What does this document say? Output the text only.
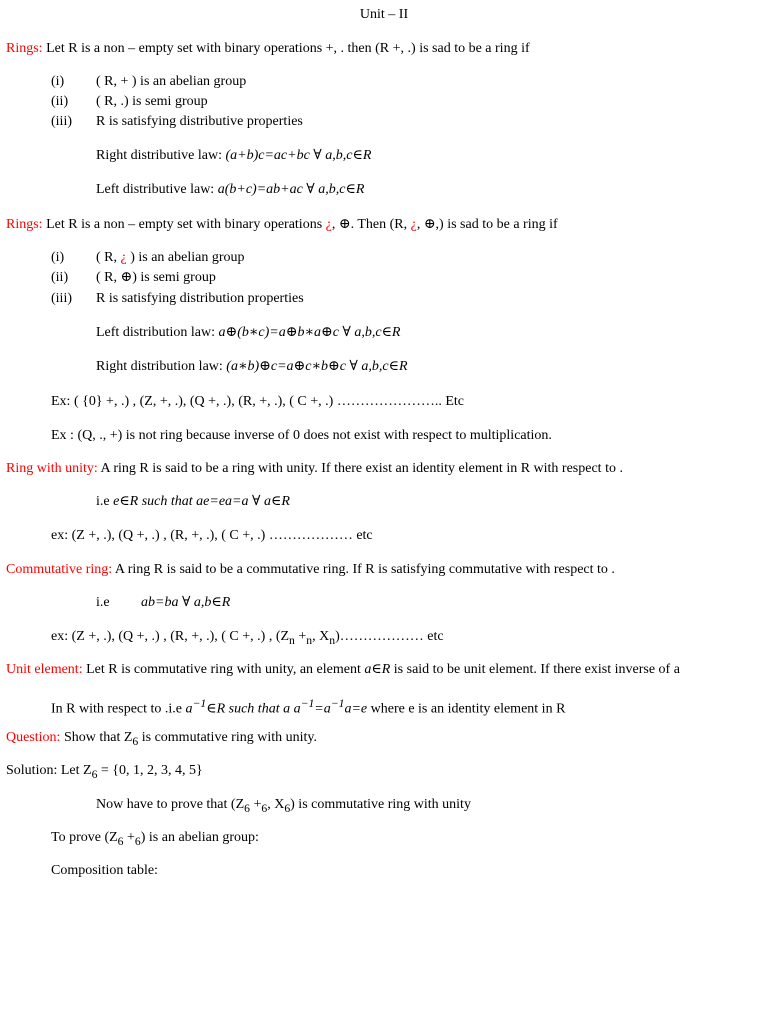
Unit – II
Rings: Let R is a non – empty set with binary operations +, . then (R +, .) is sad to be a ring if
(i) ( R, + ) is an abelian group
(ii) ( R, .) is semi group
(iii) R is satisfying distributive properties
Right distributive law: (a+b)c=ac+bc ∀ a,b,c∈R
Left distributive law: a(b+c)=ab+ac ∀ a,b,c∈R
Rings: Let R is a non – empty set with binary operations ¿, ⊕. Then (R, ¿, ⊕,) is sad to be a ring if
(i) ( R, ¿ ) is an abelian group
(ii) ( R, ⊕) is semi group
(iii) R is satisfying distribution properties
Left distribution law: a⊕(b∗c)=a⊕b∗a⊕c ∀ a,b,c∈R
Right distribution law: (a∗b)⊕c=a⊕c∗b⊕c ∀ a,b,c∈R
Ex: ( {0} +, .) , (Z, +, .), (Q +, .), (R, +, .), ( C +, .) ………………….. Etc
Ex : (Q, ., +) is not ring because inverse of 0 does not exist with respect to multiplication.
Ring with unity: A ring R is said to be a ring with unity. If there exist an identity element in R with respect to .
i.e e∈R such that ae=ea=a ∀ a∈R
ex: (Z +, .), (Q +, .) , (R, +, .), ( C +, .) ……………… etc
Commutative ring: A ring R is said to be a commutative ring. If R is satisfying commutative with respect to .
i.e ab=ba ∀ a,b∈R
ex: (Z +, .), (Q +, .) , (R, +, .), ( C +, .) , ($Z_n +_n$, $X_n)\dots\dots\dots\dots\dots\dots$ etc
Unit element: Let R is commutative ring with unity, an element a∈R is said to be unit element. If there exist inverse of a
In R with respect to .i.e $a^{-1}\in R$ such that a $a^{-1}=a^{-1}a=e$ where e is an identity element in R
Question: Show that $Z_6$ is commutative ring with unity.
Solution: Let $Z_6 = \{0$, 1, 2, 3, 4, 5}
Now have to prove that ($Z_6 +_6$, $X_6$) is commutative ring with unity
To prove $(Z_6 +_6)$ is an abelian group:
Composition table:
